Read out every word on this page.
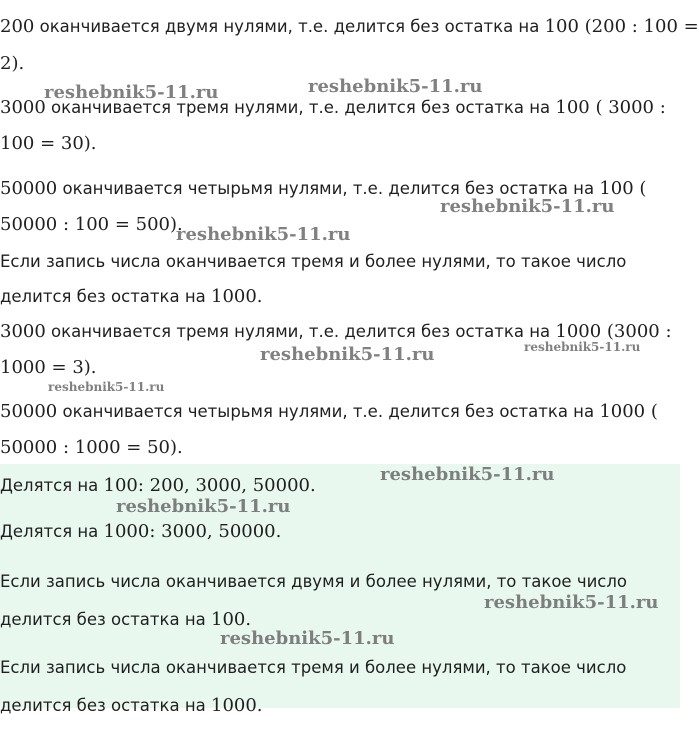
200 оканчивается двумя нулями, т.е. делится без остатка на 100 (200 : 100 =
2).
3000 оканчивается тремя нулями, т.е. делится без остатка на 100 ( 3000 :
100 = 30).
50000 оканчивается четырьмя нулями, т.е. делится без остатка на 100 (
50000 : 100 = 500).
Если запись числа оканчивается тремя и более нулями, то такое число
делится без остатка на 1000.
3000 оканчивается тремя нулями, т.е. делится без остатка на 1000 (3000 :
1000 = 3).
50000 оканчивается четырьмя нулями, т.е. делится без остатка на 1000 (
50000 : 1000 = 50).
Делятся на 100: 200, 3000, 50000.
Делятся на 1000: 3000, 50000.
Если запись числа оканчивается двумя и более нулями, то такое число
делится без остатка на 100.
Если запись числа оканчивается тремя и более нулями, то такое число
делится без остатка на 1000.
reshebnik5-11.ru	reshebnik5-11.ru
reshebnik5-11.ru
reshebnik5-11.ru
reshebnik5-11.ru	reshebnik5-11.ru
reshebnik5-11.ru
reshebnik5-11.ru
reshebnik5-11.ru
reshebnik5-11.ru
reshebnik5-11.ru
